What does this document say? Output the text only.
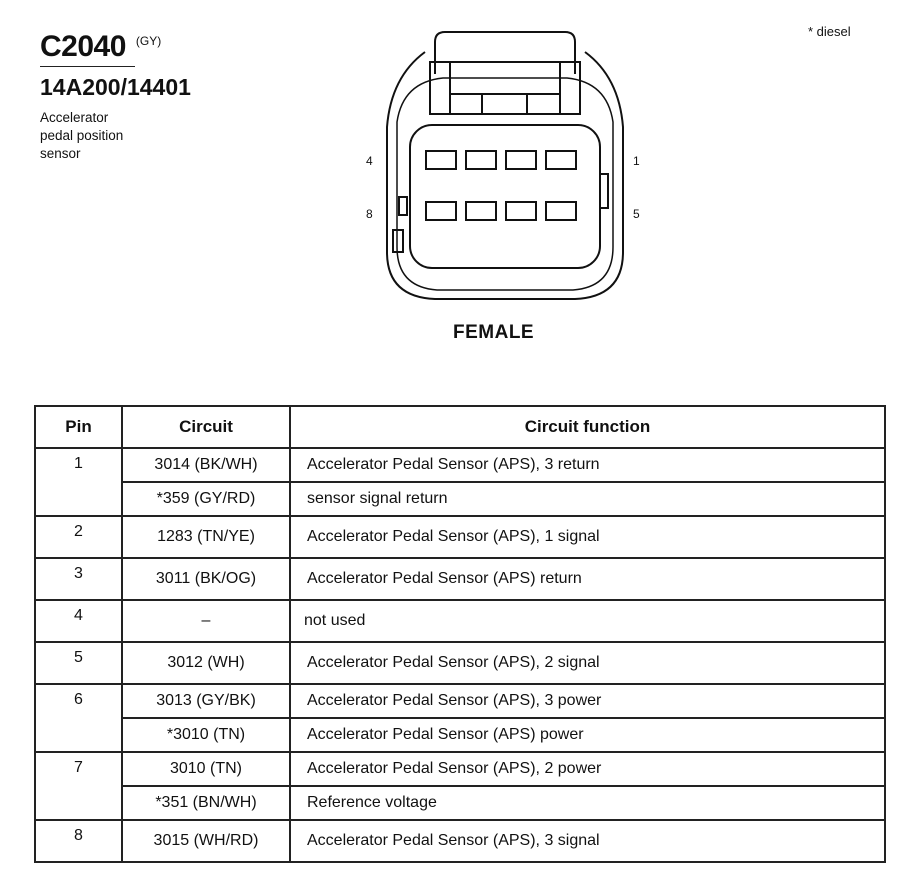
C2040 $^{(GY)}$
14A200/14401
Accelerator
pedal position
sensor
* diesel
4
8
1
5
FEMALE
Pin	Circuit	Circuit function
1	3014 (BK/WH)	Accelerator Pedal Sensor (APS), 3 return
	*359 (GY/RD)	sensor signal return
2	1283 (TN/YE)	Accelerator Pedal Sensor (APS), 1 signal
3	3011 (BK/OG)	Accelerator Pedal Sensor (APS) return
4	–	not used
5	3012 (WH)	Accelerator Pedal Sensor (APS), 2 signal
6	3013 (GY/BK)	Accelerator Pedal Sensor (APS), 3 power
	*3010 (TN)	Accelerator Pedal Sensor (APS) power
7	3010 (TN)	Accelerator Pedal Sensor (APS), 2 power
	*351 (BN/WH)	Reference voltage
8	3015 (WH/RD)	Accelerator Pedal Sensor (APS), 3 signal
